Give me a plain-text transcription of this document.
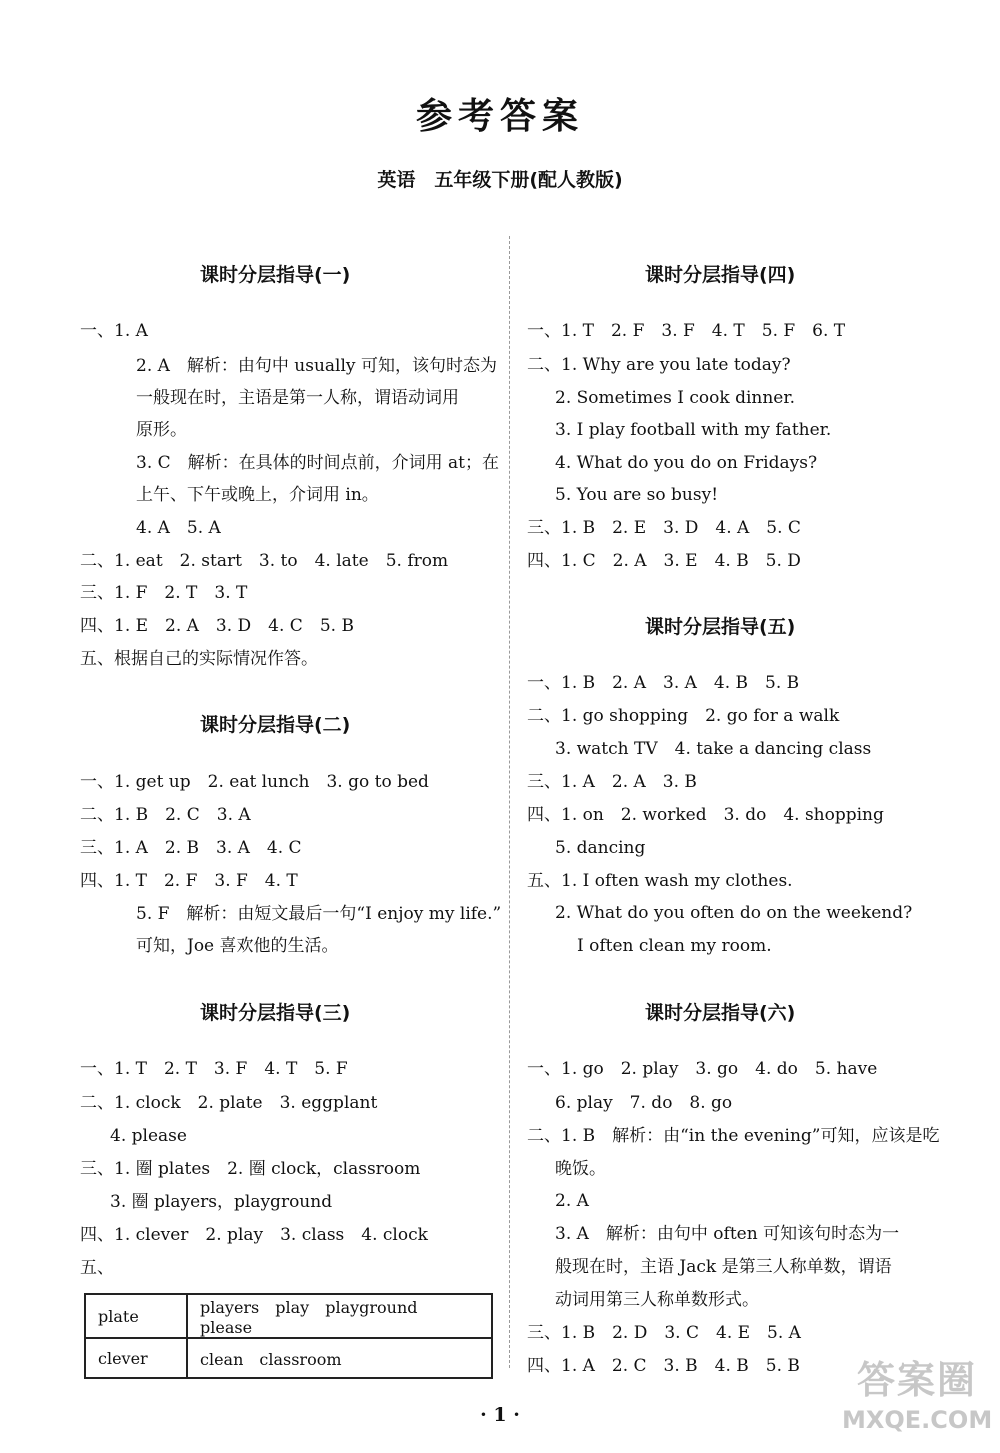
参考答案
英语　五年级下册(配人教版)
课时分层指导(一)
一、1. A
2. A　解析：由句中 usually 可知，该句时态为
一般现在时，主语是第一人称，谓语动词用
原形。
3. C　解析：在具体的时间点前，介词用 at；在
上午、下午或晚上，介词用 in。
4. A　5. A
二、1. eat　2. start　3. to　4. late　5. from
三、1. F　2. T　3. T
四、1. E　2. A　3. D　4. C　5. B
五、根据自己的实际情况作答。
课时分层指导(二)
一、1. get up　2. eat lunch　3. go to bed
二、1. B　2. C　3. A
三、1. A　2. B　3. A　4. C
四、1. T　2. F　3. F　4. T
5. F　解析：由短文最后一句“I enjoy my life.”
可知，Joe 喜欢他的生活。
课时分层指导(三)
一、1. T　2. T　3. F　4. T　5. F
二、1. clock　2. plate　3. eggplant
4. please
三、1. 圈 plates　2. 圈 clock，classroom
3. 圈 players，playground
四、1. clever　2. play　3. class　4. clock
五、
plate	players　play　playground　please
clever	clean　classroom
课时分层指导(四)
一、1. T　2. F　3. F　4. T　5. F　6. T
二、1. Why are you late today?
2. Sometimes I cook dinner.
3. I play football with my father.
4. What do you do on Fridays?
5. You are so busy!
三、1. B　2. E　3. D　4. A　5. C
四、1. C　2. A　3. E　4. B　5. D
课时分层指导(五)
一、1. B　2. A　3. A　4. B　5. B
二、1. go shopping　2. go for a walk
3. watch TV　4. take a dancing class
三、1. A　2. A　3. B
四、1. on　2. worked　3. do　4. shopping
5. dancing
五、1. I often wash my clothes.
2. What do you often do on the weekend?
I often clean my room.
课时分层指导(六)
一、1. go　2. play　3. go　4. do　5. have
6. play　7. do　8. go
二、1. B　解析：由“in the evening”可知，应该是吃
晚饭。
2. A
3. A　解析：由句中 often 可知该句时态为一
般现在时，主语 Jack 是第三人称单数，谓语
动词用第三人称单数形式。
三、1. B　2. D　3. C　4. E　5. A
四、1. A　2. C　3. B　4. B　5. B
· 1 ·
答案圈
MXQE.COM
